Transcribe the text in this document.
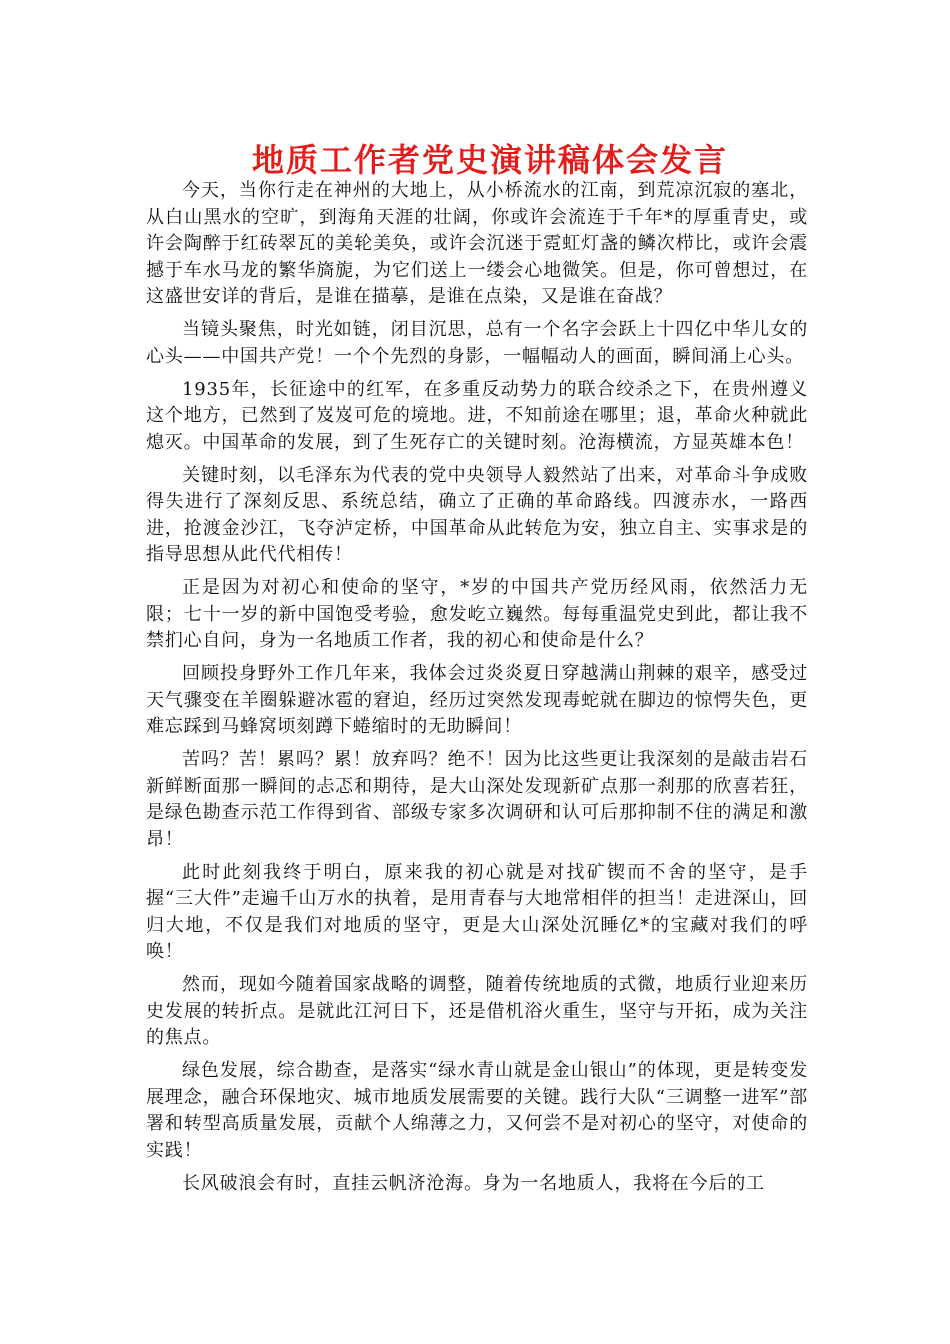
地质工作者党史演讲稿体会发言

今天，当你行走在神州的大地上，从小桥流水的江南，到荒凉沉寂的塞北，从白山黑水的空旷，到海角天涯的壮阔，你或许会流连于千年*的厚重青史，或许会陶醉于红砖翠瓦的美轮美奂，或许会沉迷于霓虹灯盏的鳞次栉比，或许会震撼于车水马龙的繁华旖旎，为它们送上一缕会心地微笑。但是，你可曾想过，在这盛世安详的背后，是谁在描摹，是谁在点染，又是谁在奋战？

当镜头聚焦，时光如链，闭目沉思，总有一个名字会跃上十四亿中华儿女的心头——中国共产党！一个个先烈的身影，一幅幅动人的画面，瞬间涌上心头。

1935年，长征途中的红军，在多重反动势力的联合绞杀之下，在贵州遵义这个地方，已然到了岌岌可危的境地。进，不知前途在哪里；退，革命火种就此熄灭。中国革命的发展，到了生死存亡的关键时刻。沧海横流，方显英雄本色！

关键时刻，以毛泽东为代表的党中央领导人毅然站了出来，对革命斗争成败得失进行了深刻反思、系统总结，确立了正确的革命路线。四渡赤水，一路西进，抢渡金沙江，飞夺泸定桥，中国革命从此转危为安，独立自主、实事求是的指导思想从此代代相传！

正是因为对初心和使命的坚守，*岁的中国共产党历经风雨，依然活力无限；七十一岁的新中国饱受考验，愈发屹立巍然。每每重温党史到此，都让我不禁扪心自问，身为一名地质工作者，我的初心和使命是什么？

回顾投身野外工作几年来，我体会过炎炎夏日穿越满山荆棘的艰辛，感受过天气骤变在羊圈躲避冰雹的窘迫，经历过突然发现毒蛇就在脚边的惊愕失色，更难忘踩到马蜂窝顷刻蹲下蜷缩时的无助瞬间！

苦吗？苦！累吗？累！放弃吗？绝不！因为比这些更让我深刻的是敲击岩石新鲜断面那一瞬间的忐忑和期待，是大山深处发现新矿点那一刹那的欣喜若狂，是绿色勘查示范工作得到省、部级专家多次调研和认可后那抑制不住的满足和激昂！

此时此刻我终于明白，原来我的初心就是对找矿锲而不舍的坚守，是手握“三大件”走遍千山万水的执着，是用青春与大地常相伴的担当！走进深山，回归大地，不仅是我们对地质的坚守，更是大山深处沉睡亿*的宝藏对我们的呼唤！

然而，现如今随着国家战略的调整，随着传统地质的式微，地质行业迎来历史发展的转折点。是就此江河日下，还是借机浴火重生，坚守与开拓，成为关注的焦点。

绿色发展，综合勘查，是落实“绿水青山就是金山银山”的体现，更是转变发展理念，融合环保地灾、城市地质发展需要的关键。践行大队“三调整一进军”部署和转型高质量发展，贡献个人绵薄之力，又何尝不是对初心的坚守，对使命的实践！

长风破浪会有时，直挂云帆济沧海。身为一名地质人，我将在今后的工
